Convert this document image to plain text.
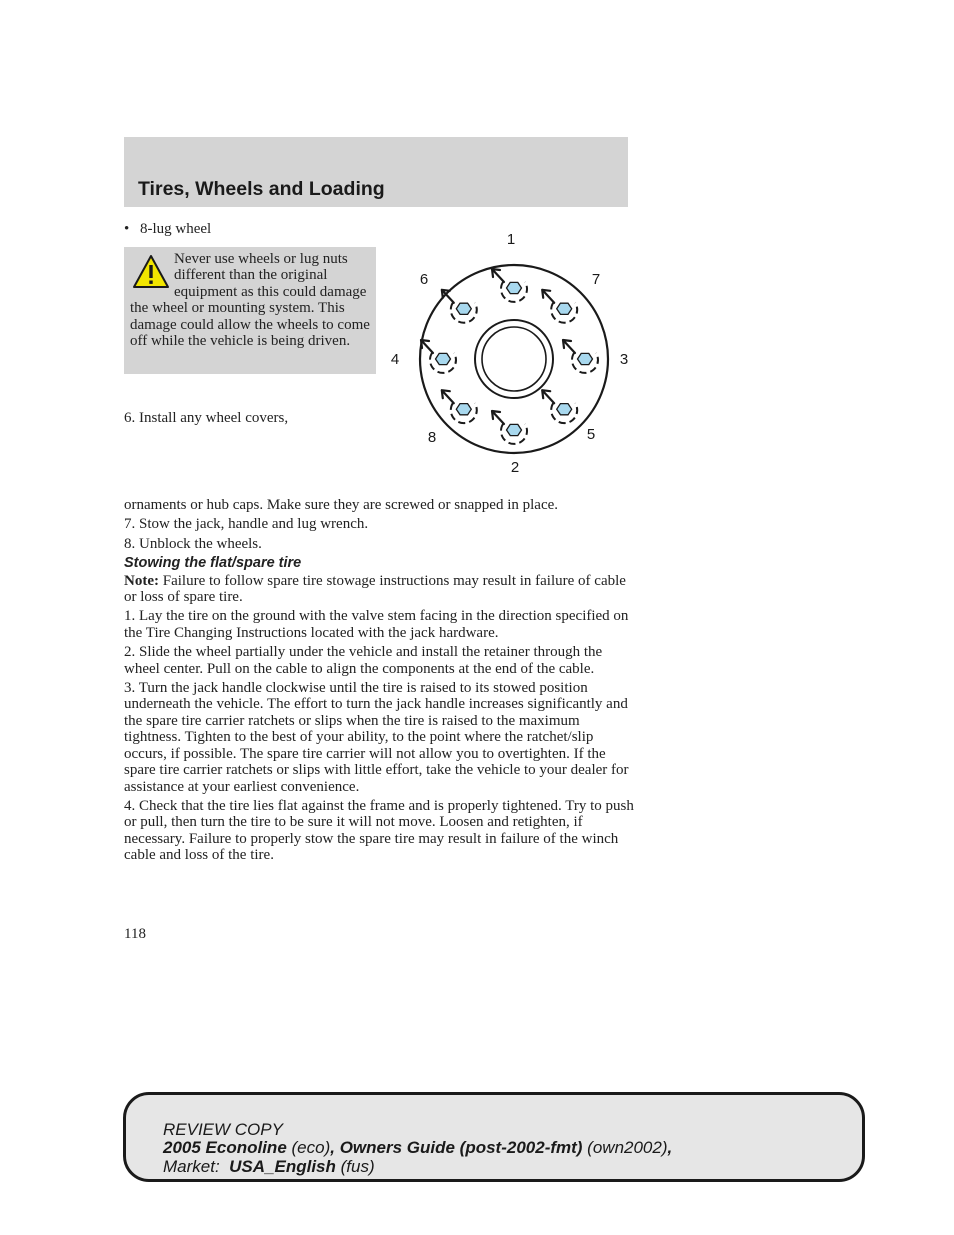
Tires, Wheels and Loading
• 8-lug wheel
Never use wheels or lug nuts different than the original equipment as this could damage the wheel or mounting system. This damage could allow the wheels to come off while the vehicle is being driven.
6. Install any wheel covers,
1
2
3
4
5
6	7
8

ornaments or hub caps. Make sure they are screwed or snapped in place.

7. Stow the jack, handle and lug wrench.

8. Unblock the wheels.

Stowing the flat/spare tire

Note: Failure to follow spare tire stowage instructions may result in failure of cable or loss of spare tire.

1. Lay the tire on the ground with the valve stem facing in the direction specified on the Tire Changing Instructions located with the jack hardware.

2. Slide the wheel partially under the vehicle and install the retainer through the wheel center. Pull on the cable to align the components at the end of the cable.

3. Turn the jack handle clockwise until the tire is raised to its stowed position underneath the vehicle. The effort to turn the jack handle increases significantly and the spare tire carrier ratchets or slips when the tire is raised to the maximum tightness. Tighten to the best of your ability, to the point where the ratchet/slip occurs, if possible. The spare tire carrier will not allow you to overtighten. If the spare tire carrier ratchets or slips with little effort, take the vehicle to your dealer for assistance at your earliest convenience.

4. Check that the tire lies flat against the frame and is properly tightened. Try to push or pull, then turn the tire to be sure it will not move. Loosen and retighten, if necessary. Failure to properly stow the spare tire may result in failure of the winch cable and loss of the tire.

118
REVIEW COPY
2005 Econoline (eco), Owners Guide (post-2002-fmt) (own2002),
Market: USA_English (fus)
